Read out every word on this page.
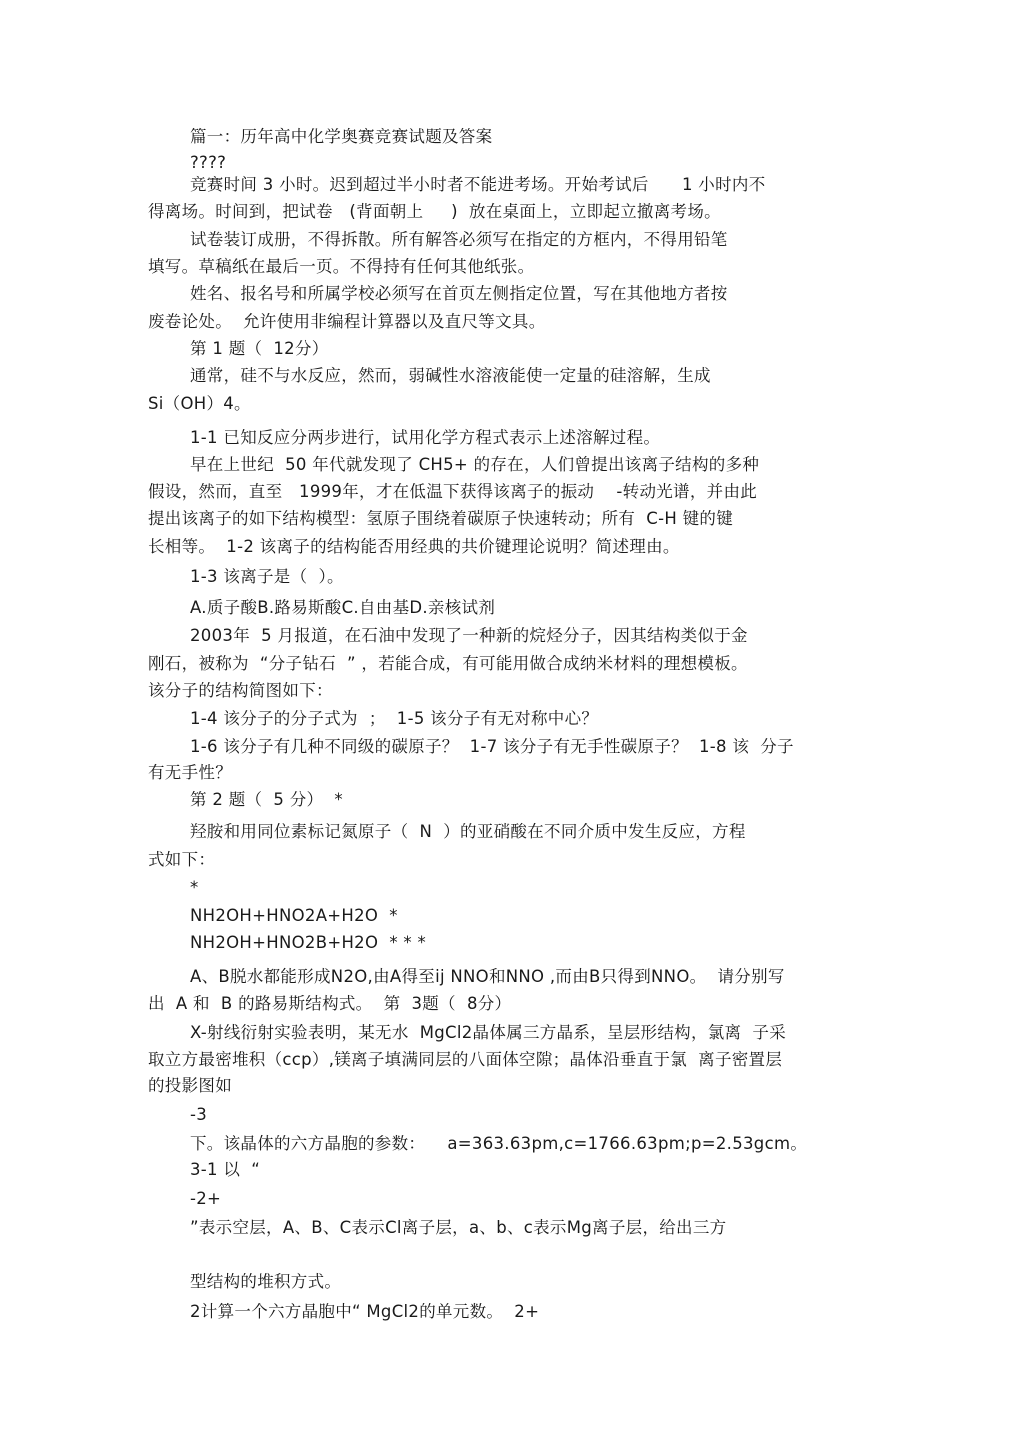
篇一：历年高中化学奥赛竞赛试题及答案
????
竞赛时间 3 小时。迟到超过半小时者不能进考场。开始考试后      1 小时内不
得离场。时间到，把试卷   (背面朝上     )  放在桌面上，立即起立撤离考场。
试卷装订成册，不得拆散。所有解答必须写在指定的方框内，不得用铅笔
填写。草稿纸在最后一页。不得持有任何其他纸张。
姓名、报名号和所属学校必须写在首页左侧指定位置，写在其他地方者按
废卷论处。  允许使用非编程计算器以及直尺等文具。
第 1 题（  12分）
通常，硅不与水反应，然而，弱碱性水溶液能使一定量的硅溶解，生成
Si（OH）4。
1-1 已知反应分两步进行，试用化学方程式表示上述溶解过程。
早在上世纪  50 年代就发现了 CH5+ 的存在，人们曾提出该离子结构的多种
假设，然而，直至   1999年，才在低温下获得该离子的振动    -转动光谱，并由此
提出该离子的如下结构模型：氢原子围绕着碳原子快速转动；所有  C-H 键的键
长相等。  1-2 该离子的结构能否用经典的共价键理论说明？简述理由。
1-3 该离子是（  ）。
A.质子酸B.路易斯酸C.自由基D.亲核试剂
2003年  5 月报道，在石油中发现了一种新的烷烃分子，因其结构类似于金
刚石，被称为  “分子钻石  ” ，若能合成，有可能用做合成纳米材料的理想模板。
该分子的结构简图如下：
1-4 该分子的分子式为  ；  1-5 该分子有无对称中心？
1-6 该分子有几种不同级的碳原子？  1-7 该分子有无手性碳原子？  1-8 该  分子
有无手性？
第 2 题（  5 分）  *
羟胺和用同位素标记氮原子（  N  ）的亚硝酸在不同介质中发生反应，方程
式如下：
*
NH2OH+HNO2A+H2O  *
NH2OH+HNO2B+H2O  * * *
A、B脱水都能形成N2O,由A得至ij NNO和NNO ,而由B只得到NNO。  请分别写
出  A 和  B 的路易斯结构式。  第  3题（  8分）
X-射线衍射实验表明，某无水  MgCl2晶体属三方晶系，呈层形结构，氯离  子采
取立方最密堆积（ccp）,镁离子填满同层的八面体空隙；晶体沿垂直于氯  离子密置层
的投影图如
-3
下。该晶体的六方晶胞的参数：    a=363.63pm,c=1766.63pm;p=2.53gcm。
3-1 以  “
-2+
”表示空层，A、B、C表示Cl离子层，a、b、c表示Mg离子层，给出三方
型结构的堆积方式。
2计算一个六方晶胞中“ MgCl2的单元数。  2+
